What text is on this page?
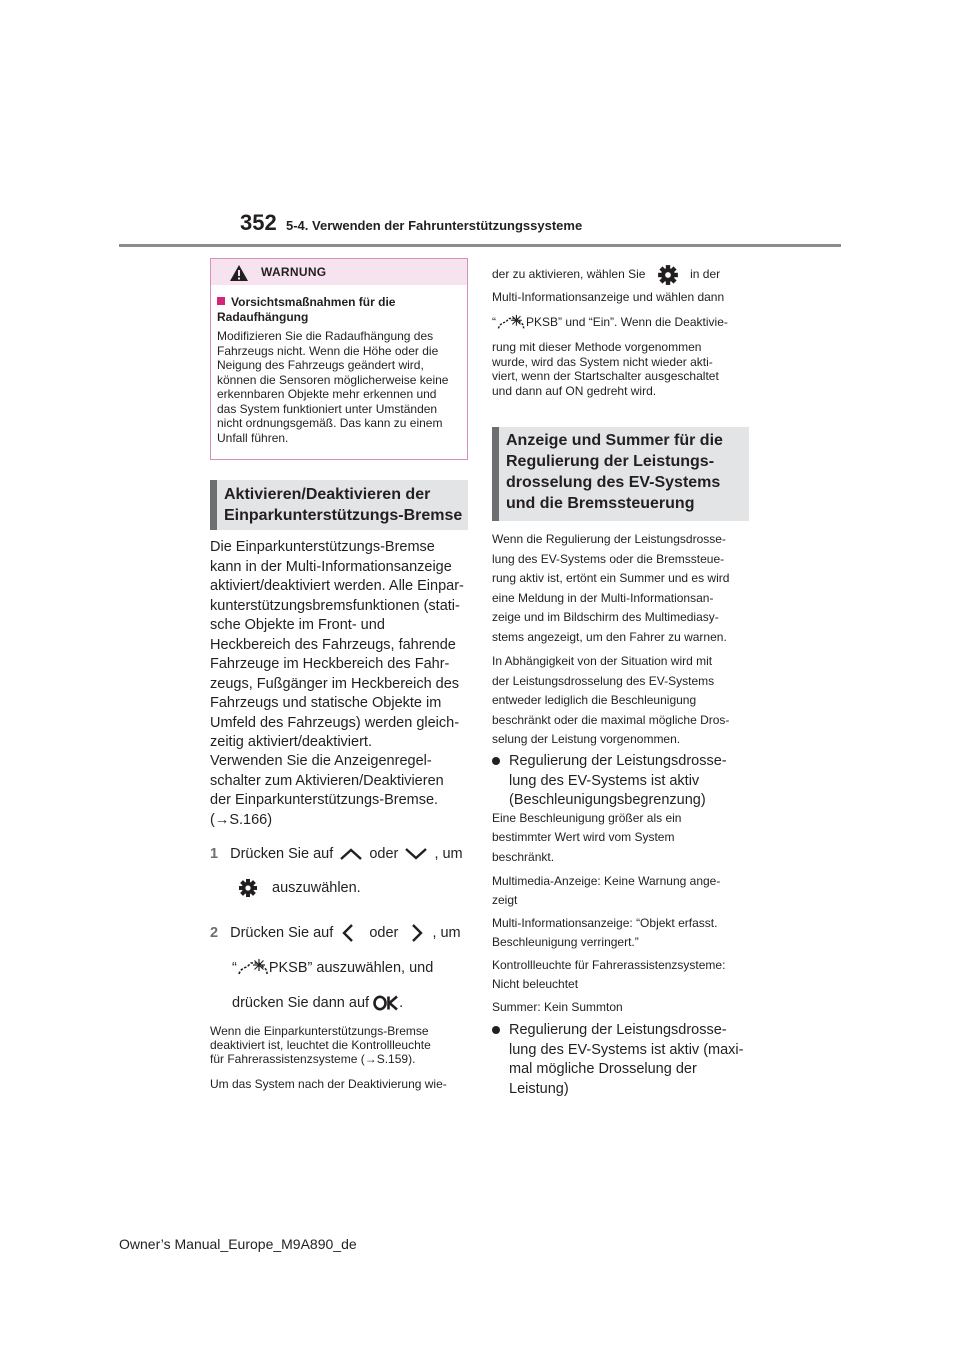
352 5-4. Verwenden der Fahrunterstützungssysteme
WARNUNG
Vorsichtsmaßnahmen für die Radaufhängung
Modifizieren Sie die Radaufhängung des Fahrzeugs nicht. Wenn die Höhe oder die Neigung des Fahrzeugs geändert wird, können die Sensoren möglicherweise keine erkennbaren Objekte mehr erkennen und das System funktioniert unter Umständen nicht ordnungsgemäß. Das kann zu einem Unfall führen.
Aktivieren/Deaktivieren der
Einparkunterstützungs-Bremse
Die Einparkunterstützungs-Bremse
kann in der Multi-Informationsanzeige
aktiviert/deaktiviert werden. Alle Einpar-
kunterstützungsbremsfunktionen (stati-
sche Objekte im Front- und
Heckbereich des Fahrzeugs, fahrende
Fahrzeuge im Heckbereich des Fahr-
zeugs, Fußgänger im Heckbereich des
Fahrzeugs und statische Objekte im
Umfeld des Fahrzeugs) werden gleich-
zeitig aktiviert/deaktiviert.
Verwenden Sie die Anzeigenregel-
schalter zum Aktivieren/Deaktivieren
der Einparkunterstützungs-Bremse.
(→S.166)
1 Drücken Sie auf oder , um
auszuwählen.
2 Drücken Sie auf oder , um
“ PKSB” auszuwählen, und
drücken Sie dann auf .
Wenn die Einparkunterstützungs-Bremse
deaktiviert ist, leuchtet die Kontrollleuchte
für Fahrerassistenzsysteme (→S.159).
Um das System nach der Deaktivierung wie-
der zu aktivieren, wählen Sie	in der
Multi-Informationsanzeige und wählen dann
“	PKSB” und “Ein”. Wenn die Deaktivie-
rung mit dieser Methode vorgenommen
wurde, wird das System nicht wieder akti-
viert, wenn der Startschalter ausgeschaltet
und dann auf ON gedreht wird.
Anzeige und Summer für die
Regulierung der Leistungs-
drosselung des EV-Systems
und die Bremssteuerung
Wenn die Regulierung der Leistungsdrosse-
lung des EV-Systems oder die Bremssteue-
rung aktiv ist, ertönt ein Summer und es wird
eine Meldung in der Multi-Informationsan-
zeige und im Bildschirm des Multimediasy-
stems angezeigt, um den Fahrer zu warnen.
In Abhängigkeit von der Situation wird mit
der Leistungsdrosselung des EV-Systems
entweder lediglich die Beschleunigung
beschränkt oder die maximal mögliche Dros-
selung der Leistung vorgenommen.
Regulierung der Leistungsdrosse-
lung des EV-Systems ist aktiv
(Beschleunigungsbegrenzung)
Eine Beschleunigung größer als ein
bestimmter Wert wird vom System
beschränkt.
Multimedia-Anzeige: Keine Warnung ange-
zeigt
Multi-Informationsanzeige: “Objekt erfasst.
Beschleunigung verringert.”
Kontrollleuchte für Fahrerassistenzsysteme:
Nicht beleuchtet
Summer: Kein Summton
Regulierung der Leistungsdrosse-
lung des EV-Systems ist aktiv (maxi-
mal mögliche Drosselung der
Leistung)
Owner’s Manual_Europe_M9A890_de
